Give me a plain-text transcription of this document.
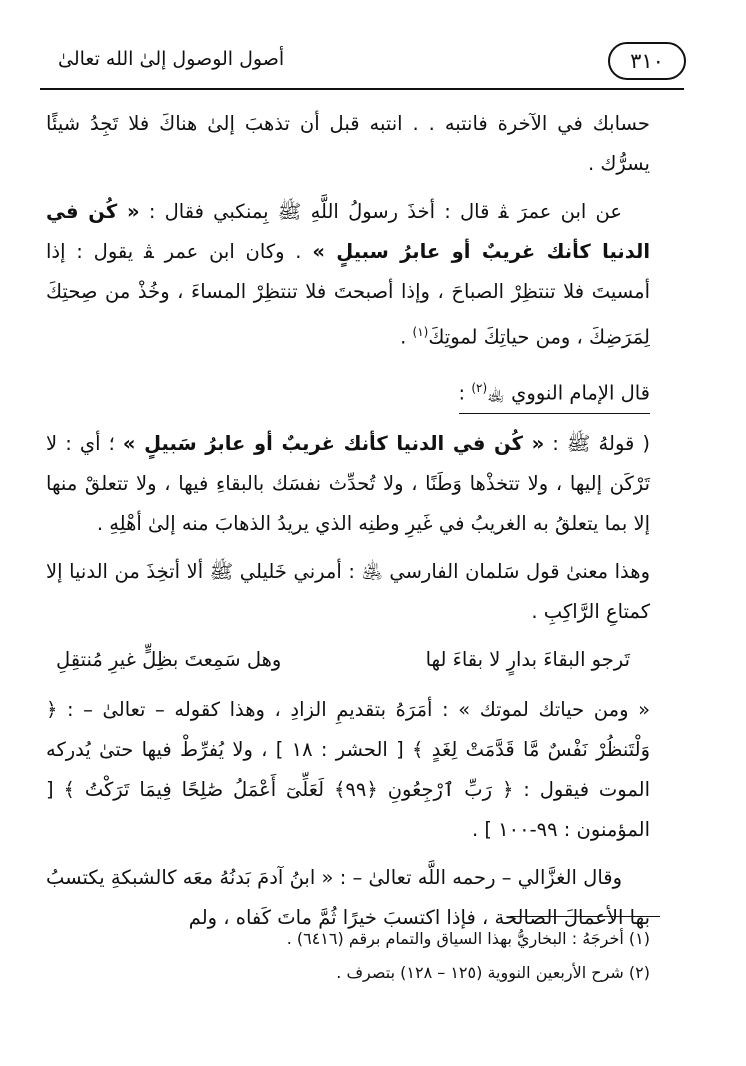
٣١٠
أصول الوصول إلىٰ الله تعالىٰ

حسابك في الآخرة فانتبه . . انتبه قبل أن تذهبَ إلىٰ هناكَ فلا تَجِدُ شيئًا يسرُّك .

عن ابن عمرَ ﭭ قال : أخذَ رسولُ اللَّهِ ﷺ بِمنكبي فقال : « كُن في الدنيا كأنك غريبٌ أو عابرُ سبيلٍ » . وكان ابن عمر ﭭ يقول : إذا أمسيتَ فلا تنتظِرْ الصباحَ ، وإذا أصبحتَ فلا تنتظِرْ المساءَ ، وخُذْ من صِحتِكَ لِمَرَضِكَ ، ومن حياتِكَ لموتِكَ$^{(١)}$ .

قال الإمام النووي ﵀$^{(٢)}$ :

( قولهُ ﷺ : « كُن في الدنيا كأنك غريبٌ أو عابرُ سَبيلٍ » ؛ أي : لا تَرْكَن إليها ، ولا تتخذْها وَطَنًا ، ولا تُحدِّث نفسَك بالبقاءِ فيها ، ولا تتعلقْ منها إلا بما يتعلقُ به الغريبُ في غَيرِ وطنِه الذي يريدُ الذهابَ منه إلىٰ أهْلِهِ .

وهذا معنىٰ قول سَلمان الفارسي ﵁ : أمرني خَليلي ﷺ ألا أتخِذَ من الدنيا إلا كمتاعِ الرَّاكِبِ .

تَرجو البقاءَ بدارٍ لا بقاءَ لها
وهل سَمِعتَ بظِلٍّ غيرِ مُنتقِلِ

« ومن حياتك لموتك » : أمَرَهُ بتقديمِ الزادِ ، وهذا كقوله – تعالىٰ – : ﴿ وَلْتَنظُرْ نَفْسٌ مَّا قَدَّمَتْ لِغَدٍ ﴾ [ الحشر : ١٨ ] ، ولا يُفرِّطْ فيها حتىٰ يُدركه الموت فيقول : ﴿ رَبِّ ٱرْجِعُونِ ﴿٩٩﴾ لَعَلِّىٓ أَعْمَلُ صَٰلِحًا فِيمَا تَرَكْتُ ﴾ [ المؤمنون : ٩٩-١٠٠ ] .

وقال الغزَّالي – رحمه اللَّه تعالىٰ – : « ابنُ آدمَ بَدنُهُ معَه كالشبكةِ يكتسبُ بها الأعمالَ الصالحة ، فإذا اكتسبَ خيرًا ثُمَّ ماتَ كَفاه ، ولم

(١) أخرجَهُ : البخاريُّ بهذا السياق والتمام برقم (٦٤١٦) .
(٢) شرح الأربعين النووية (١٢٥ – ١٢٨) بتصرف .
